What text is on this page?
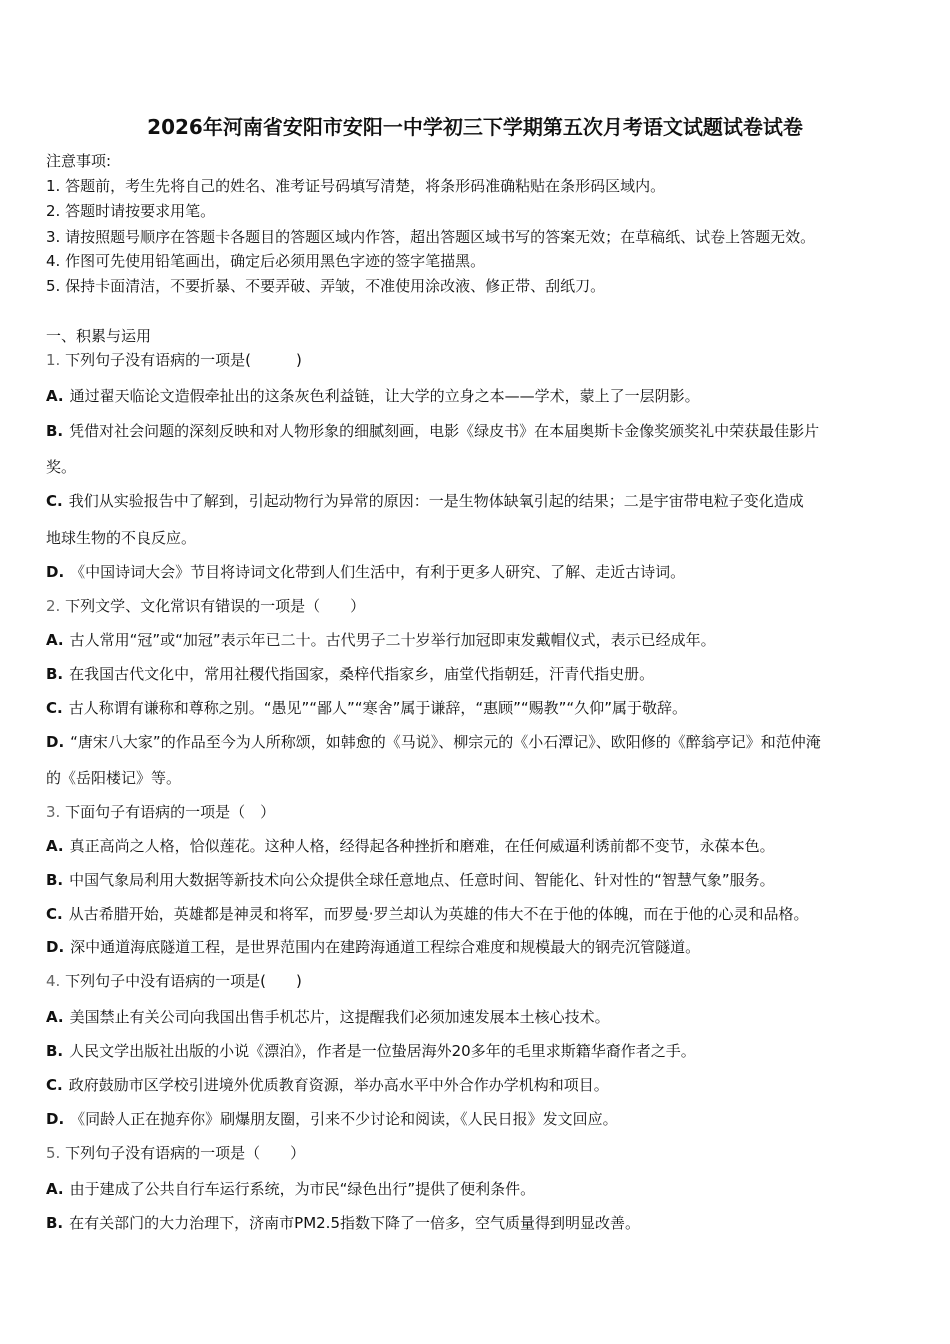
2026年河南省安阳市安阳一中学初三下学期第五次月考语文试题试卷试卷
注意事项:
一、积累与运用
1. 答题前，考生先将自己的姓名、准考证号码填写清楚，将条形码准确粘贴在条形码区域内。
2. 答题时请按要求用笔。
3. 请按照题号顺序在答题卡各题目的答题区域内作答，超出答题区域书写的答案无效；在草稿纸、试卷上答题无效。
4. 作图可先使用铅笔画出，确定后必须用黑色字迹的签字笔描黑。
5. 保持卡面清洁，不要折暴、不要弄破、弄皱，不准使用涂改液、修正带、刮纸刀。
1. 下列句子没有语病的一项是(　　　)
A. 通过翟天临论文造假牵扯出的这条灰色利益链，让大学的立身之本——学术，蒙上了一层阴影。
B. 凭借对社会问题的深刻反映和对人物形象的细腻刻画，电影《绿皮书》在本届奥斯卡金像奖颁奖礼中荣获最佳影片
奖。
C. 我们从实验报告中了解到，引起动物行为异常的原因：一是生物体缺氧引起的结果；二是宇宙带电粒子变化造成
地球生物的不良反应。
D. 《中国诗词大会》节目将诗词文化带到人们生活中，有利于更多人研究、了解、走近古诗词。
2. 下列文学、文化常识有错误的一项是（　　）
A. 古人常用“冠”或“加冠”表示年已二十。古代男子二十岁举行加冠即束发戴帽仪式，表示已经成年。
B. 在我国古代文化中，常用社稷代指国家，桑梓代指家乡，庙堂代指朝廷，汗青代指史册。
C. 古人称谓有谦称和尊称之别。“愚见”“鄙人”“寒舍”属于谦辞，“惠顾”“赐教”“久仰”属于敬辞。
D. “唐宋八大家”的作品至今为人所称颂，如韩愈的《马说》、柳宗元的《小石潭记》、欧阳修的《醉翁亭记》和范仲淹
的《岳阳楼记》等。
3. 下面句子有语病的一项是（　）
A. 真正高尚之人格，恰似莲花。这种人格，经得起各种挫折和磨难，在任何威逼利诱前都不变节，永葆本色。
B. 中国气象局利用大数据等新技术向公众提供全球任意地点、任意时间、智能化、针对性的“智慧气象”服务。
C. 从古希腊开始，英雄都是神灵和将军，而罗曼·罗兰却认为英雄的伟大不在于他的体魄，而在于他的心灵和品格。
D. 深中通道海底隧道工程，是世界范围内在建跨海通道工程综合难度和规模最大的钢壳沉管隧道。
4. 下列句子中没有语病的一项是(　　)
A. 美国禁止有关公司向我国出售手机芯片，这提醒我们必须加速发展本土核心技术。
B. 人民文学出版社出版的小说《漂泊》，作者是一位蛰居海外20多年的毛里求斯籍华裔作者之手。
C. 政府鼓励市区学校引进境外优质教育资源，举办高水平中外合作办学机构和项目。
D. 《同龄人正在抛弃你》刷爆朋友圈，引来不少讨论和阅读，《人民日报》发文回应。
5. 下列句子没有语病的一项是（　　）
A. 由于建成了公共自行车运行系统，为市民“绿色出行”提供了便利条件。
B. 在有关部门的大力治理下，济南市PM2.5指数下降了一倍多，空气质量得到明显改善。
